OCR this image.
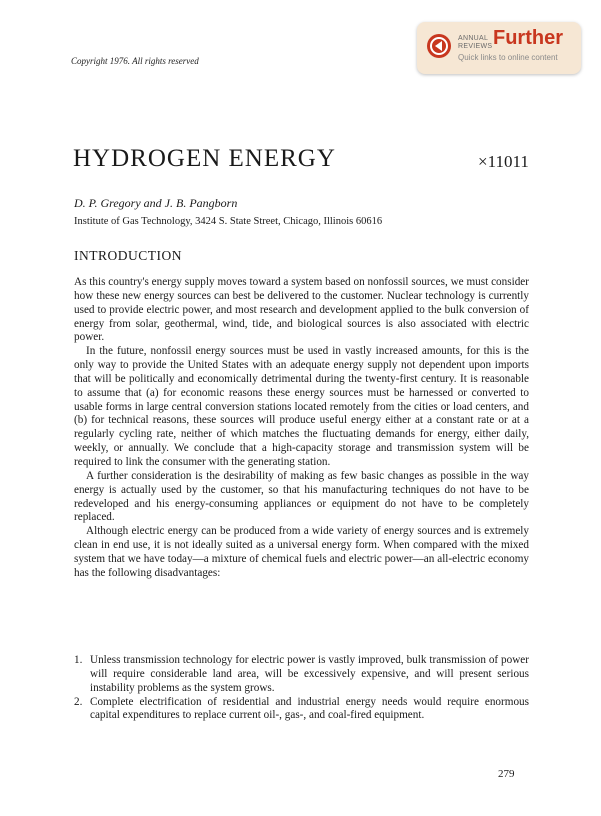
Copyright 1976. All rights reserved
ANNUAL REVIEWS Further
Quick links to online content
HYDROGEN ENERGY	×11011
D. P. Gregory and J. B. Pangborn
Institute of Gas Technology, 3424 S. State Street, Chicago, Illinois 60616
INTRODUCTION

As this country's energy supply moves toward a system based on nonfossil sources, we must consider how these new energy sources can best be delivered to the customer. Nuclear technology is currently used to provide electric power, and most research and development applied to the bulk conversion of energy from solar, geothermal, wind, tide, and biological sources is also associated with electric power.

In the future, nonfossil energy sources must be used in vastly increased amounts, for this is the only way to provide the United States with an adequate energy supply not dependent upon imports that will be politically and economically detrimental during the twenty-first century. It is reasonable to assume that (a) for economic reasons these energy sources must be harnessed or converted to usable forms in large central conversion stations located remotely from the cities or load centers, and (b) for technical reasons, these sources will produce useful energy either at a constant rate or at a regularly cycling rate, neither of which matches the fluctuating demands for energy, either daily, weekly, or annually. We conclude that a high-capacity storage and transmission system will be required to link the consumer with the generating station.

A further consideration is the desirability of making as few basic changes as possible in the way energy is actually used by the customer, so that his manufacturing techniques do not have to be redeveloped and his energy-consuming appliances or equipment do not have to be completely replaced.

Although electric energy can be produced from a wide variety of energy sources and is extremely clean in end use, it is not ideally suited as a universal energy form. When compared with the mixed system that we have today—a mixture of chemical fuels and electric power—an all-electric economy has the following disadvantages:

1. Unless transmission technology for electric power is vastly improved, bulk transmission of power will require considerable land area, will be excessively expensive, and will present serious instability problems as the system grows.
2. Complete electrification of residential and industrial energy needs would require enormous capital expenditures to replace current oil-, gas-, and coal-fired equipment.
279
